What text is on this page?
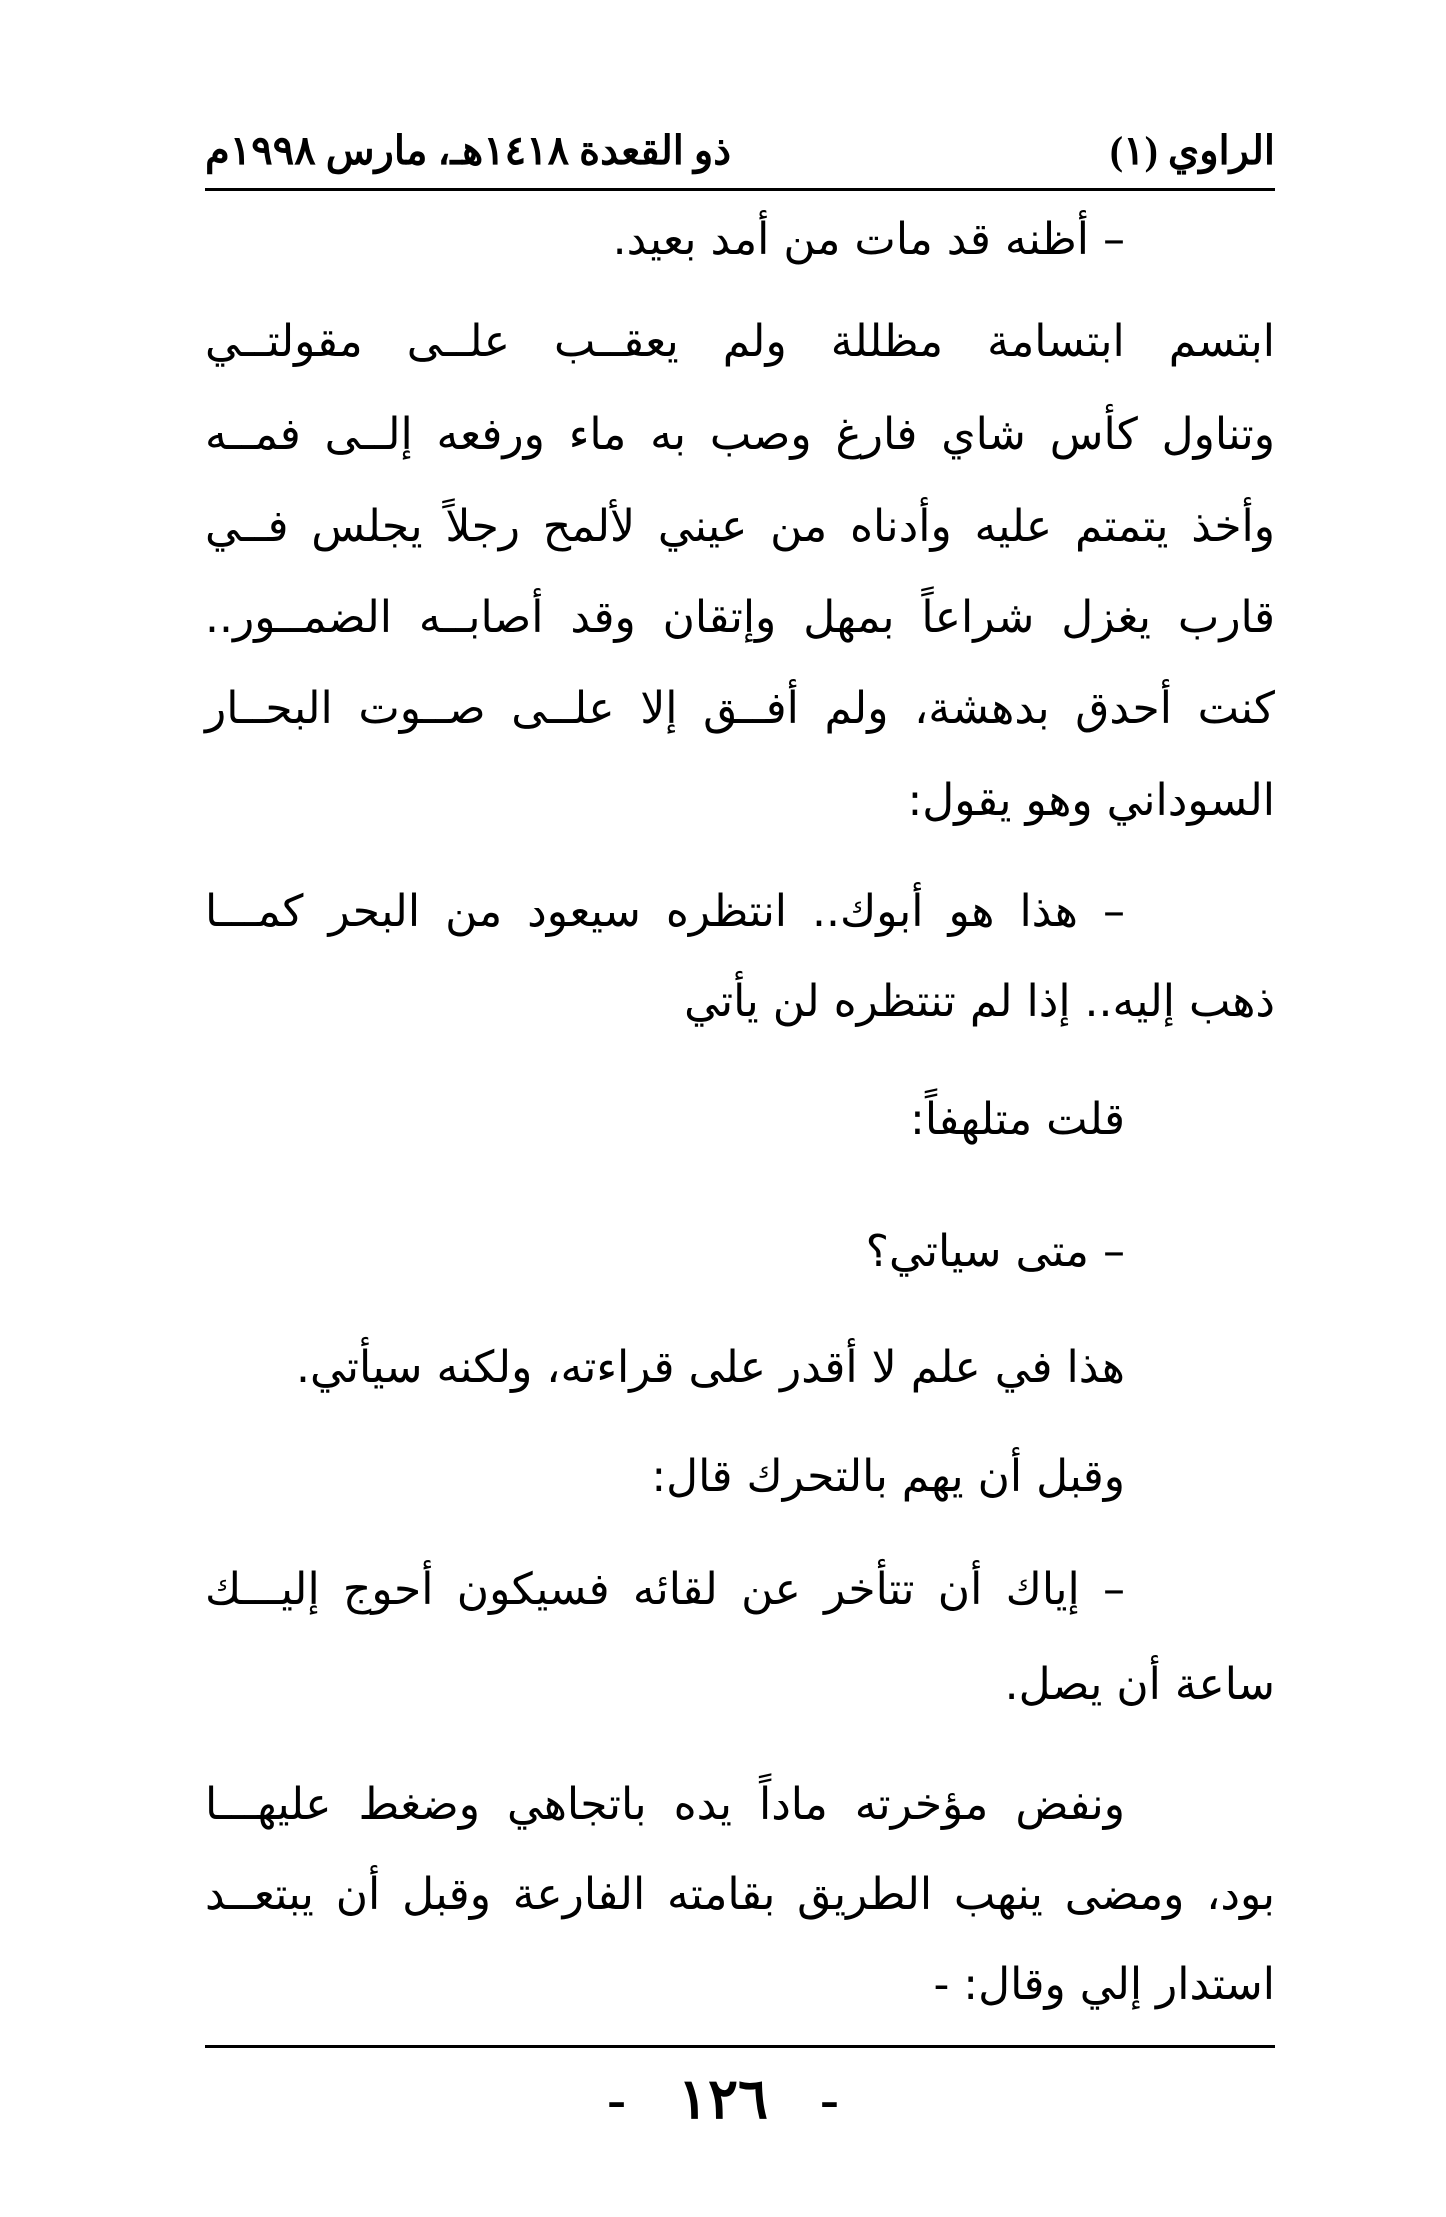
الراوي (١)
ذو القعدة ١٤١٨هـ، مارس ١٩٩٨م
– أظنه قد مات من أمد بعيد.
ابتسم ابتسامة مظللة ولم يعقــب علــى مقولتــي
وتناول كأس شاي فارغ وصب به ماء ورفعه إلــى فمــه
وأخذ يتمتم عليه وأدناه من عيني لألمح رجلاً يجلس فــي
قارب يغزل شراعاً بمهل وإتقان وقد أصابــه الضمــور..
كنت أحدق بدهشة، ولم أفــق إلا علــى صــوت البحــار
السوداني وهو يقول:
– هذا هو أبوك.. انتظره سيعود من البحر كمـــا
ذهب إليه.. إذا لم تنتظره لن يأتي
قلت متلهفاً:
– متى سياتي؟
هذا في علم لا أقدر على قراءته، ولكنه سيأتي.
وقبل أن يهم بالتحرك قال:
– إياك أن تتأخر عن لقائه فسيكون أحوج إليـــك
ساعة أن يصل.
ونفض مؤخرته ماداً يده باتجاهي وضغط عليهـــا
بود، ومضى ينهب الطريق بقامته الفارعة وقبل أن يبتعــد
استدار إلي وقال: -
- ١٢٦ -
